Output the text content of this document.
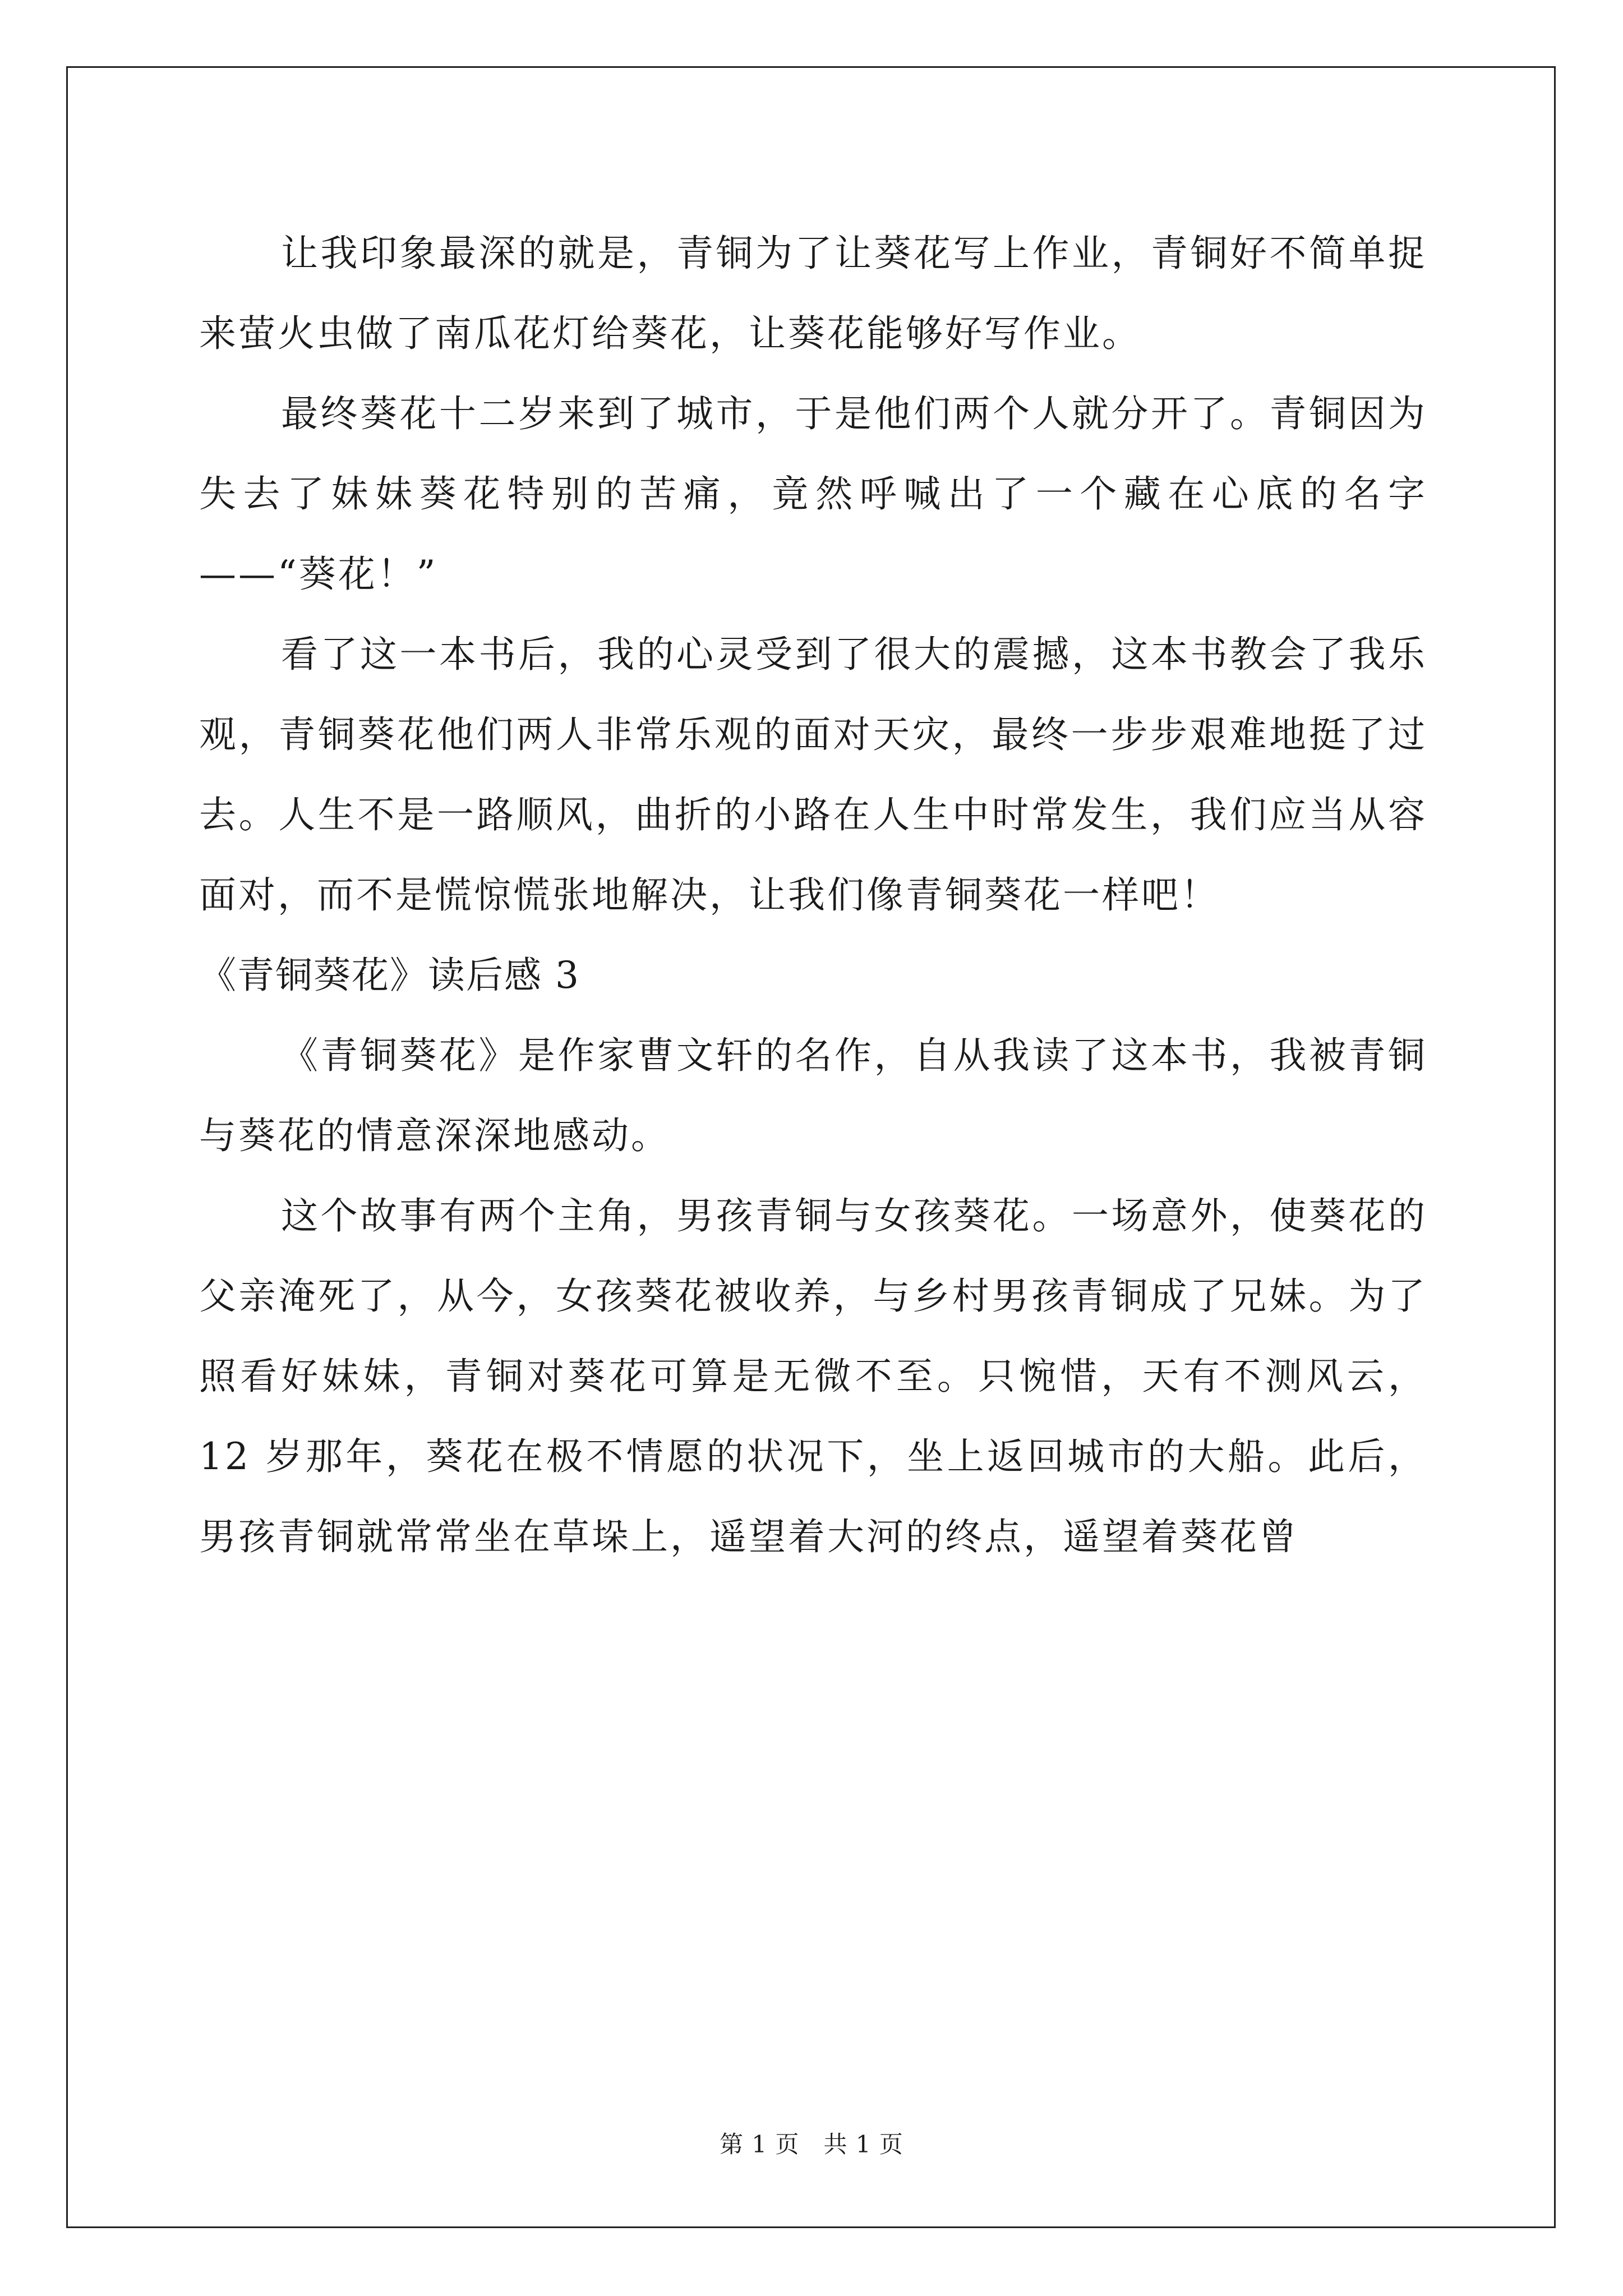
让我印象最深的就是，青铜为了让葵花写上作业，青铜好不简单捉来萤火虫做了南瓜花灯给葵花，让葵花能够好写作业。

最终葵花十二岁来到了城市，于是他们两个人就分开了。青铜因为失去了妹妹葵花特别的苦痛，竟然呼喊出了一个藏在心底的名字——“葵花！”

看了这一本书后，我的心灵受到了很大的震撼，这本书教会了我乐观，青铜葵花他们两人非常乐观的面对天灾，最终一步步艰难地挺了过去。人生不是一路顺风，曲折的小路在人生中时常发生，我们应当从容面对，而不是慌惊慌张地解决，让我们像青铜葵花一样吧！

《青铜葵花》读后感 3

《青铜葵花》是作家曹文轩的名作，自从我读了这本书，我被青铜与葵花的情意深深地感动。

这个故事有两个主角，男孩青铜与女孩葵花。一场意外，使葵花的父亲淹死了，从今，女孩葵花被收养，与乡村男孩青铜成了兄妹。为了照看好妹妹，青铜对葵花可算是无微不至。只惋惜，天有不测风云，12 岁那年，葵花在极不情愿的状况下，坐上返回城市的大船。此后，男孩青铜就常常坐在草垛上，遥望着大河的终点，遥望着葵花曾

第 1 页　共 1 页
